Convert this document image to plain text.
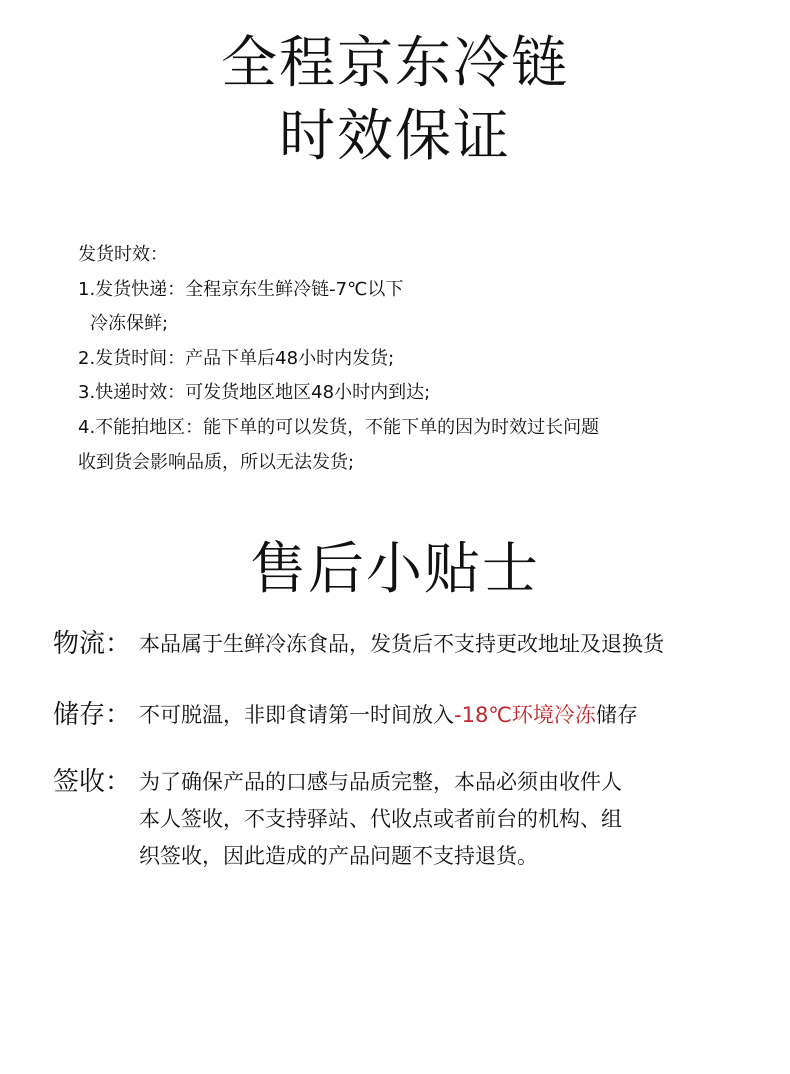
全程京东冷链
时效保证
发货时效：
1.发货快递：全程京东生鲜冷链-7℃以下
冷冻保鲜;
2.发货时间：产品下单后48小时内发货;
3.快递时效：可发货地区地区48小时内到达;
4.不能拍地区：能下单的可以发货，不能下单的因为时效过长问题
收到货会影响品质，所以无法发货;
售后小贴士
物流： 本品属于生鲜冷冻食品，发货后不支持更改地址及退换货
储存： 不可脱温，非即食请第一时间放入-18℃环境冷冻储存
签收： 为了确保产品的口感与品质完整，本品必须由收件人
本人签收，不支持驿站、代收点或者前台的机构、组
织签收，因此造成的产品问题不支持退货。
